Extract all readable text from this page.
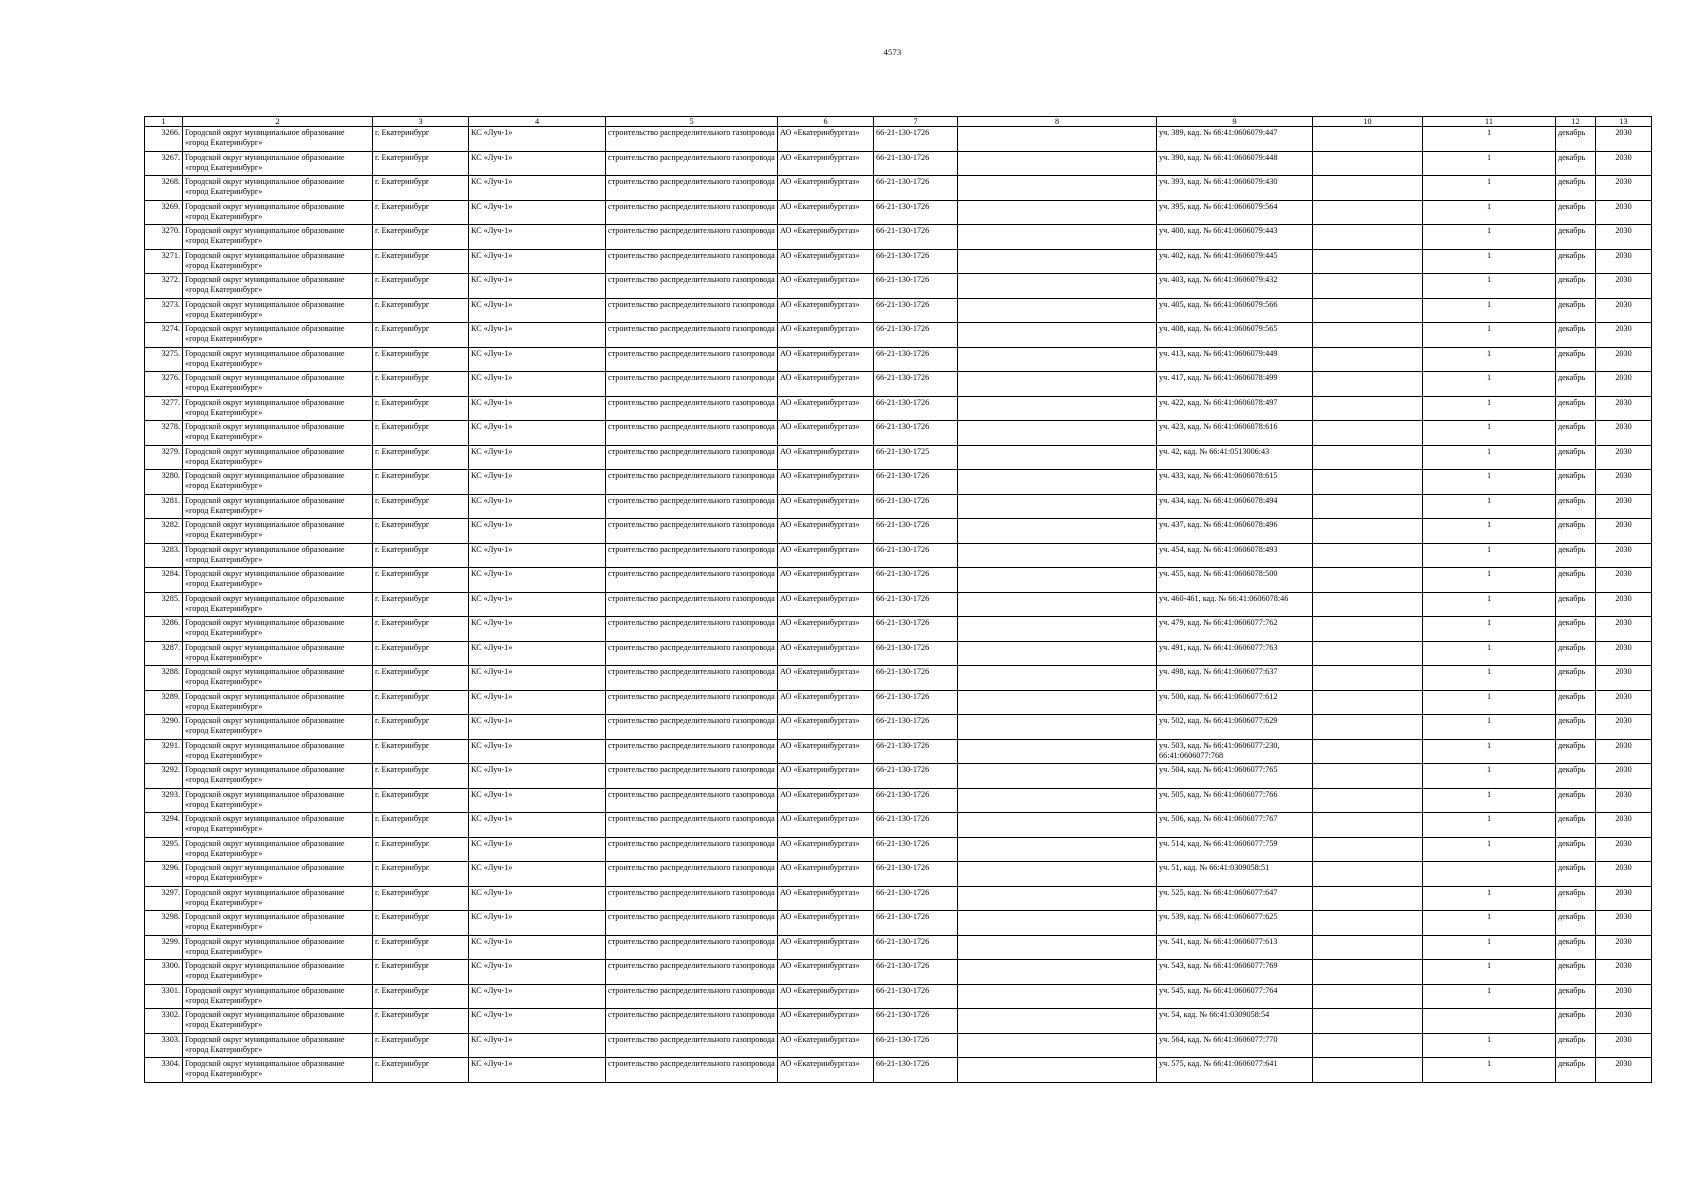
4573
1	2	3	4	5	6	7	8	9	10	11	12	13
3266.	Городской округ муниципальное образование «город Екатеринбург»	г. Екатеринбург	КС «Луч-1»	строительство распределительного газопровода	АО «Екатеринбурггаз»	66-21-130-1726		уч. 389, кад. № 66:41:0606079:447		1	декабрь	2030
3267.	Городской округ муниципальное образование «город Екатеринбург»	г. Екатеринбург	КС «Луч-1»	строительство распределительного газопровода	АО «Екатеринбурггаз»	66-21-130-1726		уч. 390, кад. № 66:41:0606079:448		1	декабрь	2030
3268.	Городской округ муниципальное образование «город Екатеринбург»	г. Екатеринбург	КС «Луч-1»	строительство распределительного газопровода	АО «Екатеринбурггаз»	66-21-130-1726		уч. 393, кад. № 66:41:0606079:430		1	декабрь	2030
3269.	Городской округ муниципальное образование «город Екатеринбург»	г. Екатеринбург	КС «Луч-1»	строительство распределительного газопровода	АО «Екатеринбурггаз»	66-21-130-1726		уч. 395, кад. № 66:41:0606079:564		1	декабрь	2030
3270.	Городской округ муниципальное образование «город Екатеринбург»	г. Екатеринбург	КС «Луч-1»	строительство распределительного газопровода	АО «Екатеринбурггаз»	66-21-130-1726		уч. 400, кад. № 66:41:0606079:443		1	декабрь	2030
3271.	Городской округ муниципальное образование «город Екатеринбург»	г. Екатеринбург	КС «Луч-1»	строительство распределительного газопровода	АО «Екатеринбурггаз»	66-21-130-1726		уч. 402, кад. № 66:41:0606079:445		1	декабрь	2030
3272.	Городской округ муниципальное образование «город Екатеринбург»	г. Екатеринбург	КС «Луч-1»	строительство распределительного газопровода	АО «Екатеринбурггаз»	66-21-130-1726		уч. 403, кад. № 66:41:0606079:432		1	декабрь	2030
3273.	Городской округ муниципальное образование «город Екатеринбург»	г. Екатеринбург	КС «Луч-1»	строительство распределительного газопровода	АО «Екатеринбурггаз»	66-21-130-1726		уч. 405, кад. № 66:41:0606079:566		1	декабрь	2030
3274.	Городской округ муниципальное образование «город Екатеринбург»	г. Екатеринбург	КС «Луч-1»	строительство распределительного газопровода	АО «Екатеринбурггаз»	66-21-130-1726		уч. 408, кад. № 66:41:0606079:565		1	декабрь	2030
3275.	Городской округ муниципальное образование «город Екатеринбург»	г. Екатеринбург	КС «Луч-1»	строительство распределительного газопровода	АО «Екатеринбурггаз»	66-21-130-1726		уч. 413, кад. № 66:41:0606079:449		1	декабрь	2030
3276.	Городской округ муниципальное образование «город Екатеринбург»	г. Екатеринбург	КС «Луч-1»	строительство распределительного газопровода	АО «Екатеринбурггаз»	66-21-130-1726		уч. 417, кад. № 66:41:0606078:499		1	декабрь	2030
3277.	Городской округ муниципальное образование «город Екатеринбург»	г. Екатеринбург	КС «Луч-1»	строительство распределительного газопровода	АО «Екатеринбурггаз»	66-21-130-1726		уч. 422, кад. № 66:41:0606078:497		1	декабрь	2030
3278.	Городской округ муниципальное образование «город Екатеринбург»	г. Екатеринбург	КС «Луч-1»	строительство распределительного газопровода	АО «Екатеринбурггаз»	66-21-130-1726		уч. 423, кад. № 66:41:0606078:616		1	декабрь	2030
3279.	Городской округ муниципальное образование «город Екатеринбург»	г. Екатеринбург	КС «Луч-1»	строительство распределительного газопровода	АО «Екатеринбурггаз»	66-21-130-1725		уч. 42, кад. № 66:41:0513006:43		1	декабрь	2030
3280.	Городской округ муниципальное образование «город Екатеринбург»	г. Екатеринбург	КС «Луч-1»	строительство распределительного газопровода	АО «Екатеринбурггаз»	66-21-130-1726		уч. 433, кад. № 66:41:0606078:615		1	декабрь	2030
3281.	Городской округ муниципальное образование «город Екатеринбург»	г. Екатеринбург	КС «Луч-1»	строительство распределительного газопровода	АО «Екатеринбурггаз»	66-21-130-1726		уч. 434, кад. № 66:41:0606078:494		1	декабрь	2030
3282.	Городской округ муниципальное образование «город Екатеринбург»	г. Екатеринбург	КС «Луч-1»	строительство распределительного газопровода	АО «Екатеринбурггаз»	66-21-130-1726		уч. 437, кад. № 66:41:0606078:496		1	декабрь	2030
3283.	Городской округ муниципальное образование «город Екатеринбург»	г. Екатеринбург	КС «Луч-1»	строительство распределительного газопровода	АО «Екатеринбурггаз»	66-21-130-1726		уч. 454, кад. № 66:41:0606078:493		1	декабрь	2030
3284.	Городской округ муниципальное образование «город Екатеринбург»	г. Екатеринбург	КС «Луч-1»	строительство распределительного газопровода	АО «Екатеринбурггаз»	66-21-130-1726		уч. 455, кад. № 66:41:0606078:500		1	декабрь	2030
3285.	Городской округ муниципальное образование «город Екатеринбург»	г. Екатеринбург	КС «Луч-1»	строительство распределительного газопровода	АО «Екатеринбурггаз»	66-21-130-1726		уч. 460-461, кад. № 66:41:0606078:46		1	декабрь	2030
3286.	Городской округ муниципальное образование «город Екатеринбург»	г. Екатеринбург	КС «Луч-1»	строительство распределительного газопровода	АО «Екатеринбурггаз»	66-21-130-1726		уч. 479, кад. № 66:41:0606077:762		1	декабрь	2030
3287.	Городской округ муниципальное образование «город Екатеринбург»	г. Екатеринбург	КС «Луч-1»	строительство распределительного газопровода	АО «Екатеринбурггаз»	66-21-130-1726		уч. 491, кад. № 66:41:0606077:763		1	декабрь	2030
3288.	Городской округ муниципальное образование «город Екатеринбург»	г. Екатеринбург	КС «Луч-1»	строительство распределительного газопровода	АО «Екатеринбурггаз»	66-21-130-1726		уч. 498, кад. № 66:41:0606077:637		1	декабрь	2030
3289.	Городской округ муниципальное образование «город Екатеринбург»	г. Екатеринбург	КС «Луч-1»	строительство распределительного газопровода	АО «Екатеринбурггаз»	66-21-130-1726		уч. 500, кад. № 66:41:0606077:612		1	декабрь	2030
3290.	Городской округ муниципальное образование «город Екатеринбург»	г. Екатеринбург	КС «Луч-1»	строительство распределительного газопровода	АО «Екатеринбурггаз»	66-21-130-1726		уч. 502, кад. № 66:41:0606077:629		1	декабрь	2030
3291.	Городской округ муниципальное образование «город Екатеринбург»	г. Екатеринбург	КС «Луч-1»	строительство распределительного газопровода	АО «Екатеринбурггаз»	66-21-130-1726		уч. 503, кад. № 66:41:0606077:230, 66:41:0606077:768		1	декабрь	2030
3292.	Городской округ муниципальное образование «город Екатеринбург»	г. Екатеринбург	КС «Луч-1»	строительство распределительного газопровода	АО «Екатеринбурггаз»	66-21-130-1726		уч. 504, кад. № 66:41:0606077:765		1	декабрь	2030
3293.	Городской округ муниципальное образование «город Екатеринбург»	г. Екатеринбург	КС «Луч-1»	строительство распределительного газопровода	АО «Екатеринбурггаз»	66-21-130-1726		уч. 505, кад. № 66:41:0606077:766		1	декабрь	2030
3294.	Городской округ муниципальное образование «город Екатеринбург»	г. Екатеринбург	КС «Луч-1»	строительство распределительного газопровода	АО «Екатеринбурггаз»	66-21-130-1726		уч. 506, кад. № 66:41:0606077:767		1	декабрь	2030
3295.	Городской округ муниципальное образование «город Екатеринбург»	г. Екатеринбург	КС «Луч-1»	строительство распределительного газопровода	АО «Екатеринбурггаз»	66-21-130-1726		уч. 514, кад. № 66:41:0606077:759		1	декабрь	2030
3296.	Городской округ муниципальное образование «город Екатеринбург»	г. Екатеринбург	КС «Луч-1»	строительство распределительного газопровода	АО «Екатеринбурггаз»	66-21-130-1726		уч. 51, кад. № 66:41:0309058:51			декабрь	2030
3297.	Городской округ муниципальное образование «город Екатеринбург»	г. Екатеринбург	КС «Луч-1»	строительство распределительного газопровода	АО «Екатеринбурггаз»	66-21-130-1726		уч. 525, кад. № 66:41:0606077:647		1	декабрь	2030
3298.	Городской округ муниципальное образование «город Екатеринбург»	г. Екатеринбург	КС «Луч-1»	строительство распределительного газопровода	АО «Екатеринбурггаз»	66-21-130-1726		уч. 539, кад. № 66:41:0606077:625		1	декабрь	2030
3299.	Городской округ муниципальное образование «город Екатеринбург»	г. Екатеринбург	КС «Луч-1»	строительство распределительного газопровода	АО «Екатеринбурггаз»	66-21-130-1726		уч. 541, кад. № 66:41:0606077:613		1	декабрь	2030
3300.	Городской округ муниципальное образование «город Екатеринбург»	г. Екатеринбург	КС «Луч-1»	строительство распределительного газопровода	АО «Екатеринбурггаз»	66-21-130-1726		уч. 543, кад. № 66:41:0606077:769		1	декабрь	2030
3301.	Городской округ муниципальное образование «город Екатеринбург»	г. Екатеринбург	КС «Луч-1»	строительство распределительного газопровода	АО «Екатеринбурггаз»	66-21-130-1726		уч. 545, кад. № 66:41:0606077:764		1	декабрь	2030
3302.	Городской округ муниципальное образование «город Екатеринбург»	г. Екатеринбург	КС «Луч-1»	строительство распределительного газопровода	АО «Екатеринбурггаз»	66-21-130-1726		уч. 54, кад. № 66:41:0309058:54			декабрь	2030
3303.	Городской округ муниципальное образование «город Екатеринбург»	г. Екатеринбург	КС «Луч-1»	строительство распределительного газопровода	АО «Екатеринбурггаз»	66-21-130-1726		уч. 564, кад. № 66:41:0606077:770		1	декабрь	2030
3304.	Городской округ муниципальное образование «город Екатеринбург»	г. Екатеринбург	КС «Луч-1»	строительство распределительного газопровода	АО «Екатеринбурггаз»	66-21-130-1726		уч. 575, кад. № 66:41:0606077:641		1	декабрь	2030
